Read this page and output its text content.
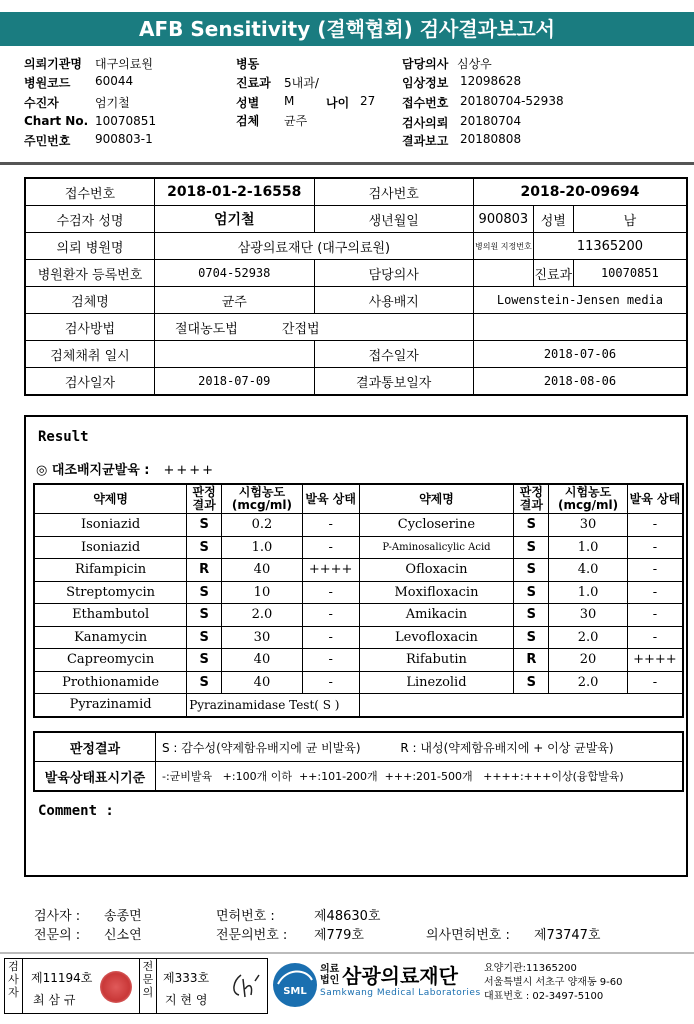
AFB Sensitivity (결핵협회) 검사결과보고서
의뢰기관명 대구의료원
병원코드 60044
수진자	엄기철
Chart No. 10070851
주민번호 900803-1
병동
진료과 5내과/
성별 M	나이 27
검체 균주
담당의사 심상우
임상정보 12098628
접수번호 20180704-52938
검사의뢰 20180704
결과보고 20180808
접수번호	2018-01-2-16558	검사번호	2018-20-09694		
수검자 성명	엄기철	생년월일	900803	성별	남
의뢰 병원명	삼광의료재단 (대구의료원)		병의원 지정번호	11365200	
병원환자 등록번호	0704-52938	담당의사		진료과	10070851
검체명	균주	사용배지	Lowenstein-Jensen media		
검사방법	절대농도법 간접법				
검체채취 일시		접수일자	2018-07-06		
검사일자	2018-07-09	결과통보일자	2018-08-06		
Result
◎ 대조배지균발육 : ++++
약제명	판정 결과	시험농도 (mcg/ml)	발육 상태	약제명	판정 결과	시험농도 (mcg/ml)	발육 상태
Isoniazid	S	0.2	-	Cycloserine	S	30	-
Isoniazid	S	1.0	-	P-Aminosalicylic Acid	S	1.0	-
Rifampicin	R	40	++++	Ofloxacin	S	4.0	-
Streptomycin	S	10	-	Moxifloxacin	S	1.0	-
Ethambutol	S	2.0	-	Amikacin	S	30	-
Kanamycin	S	30	-	Levofloxacin	S	2.0	-
Capreomycin	S	40	-	Rifabutin	R	20	++++
Prothionamide	S	40	-	Linezolid	S	2.0	-
Pyrazinamid	Pyrazinamidase Test( S )						
판정결과	S : 감수성(약제함유배지에 균 비발육) R : 내성(약제함유배지에 + 이상 균발육)
발육상태표시기준	-:균비발육   +:100개 이하  ++:101-200개  +++:201-500개   ++++:+++이상(융합발육)
Comment :
검사자 : 송종면	면허번호 :	제48630호
전문의 : 신소연	전문의번호 : 제779호	의사면허번호 : 제73747호
검사자
제11194호
최 삼 규
전문의
제333호
지 현 영
SML
의료 법인 삼광의료재단
Samkwang Medical Laboratories
요양기관:11365200
서울특별시 서초구 양재동 9-60
대표번호 : 02-3497-5100
